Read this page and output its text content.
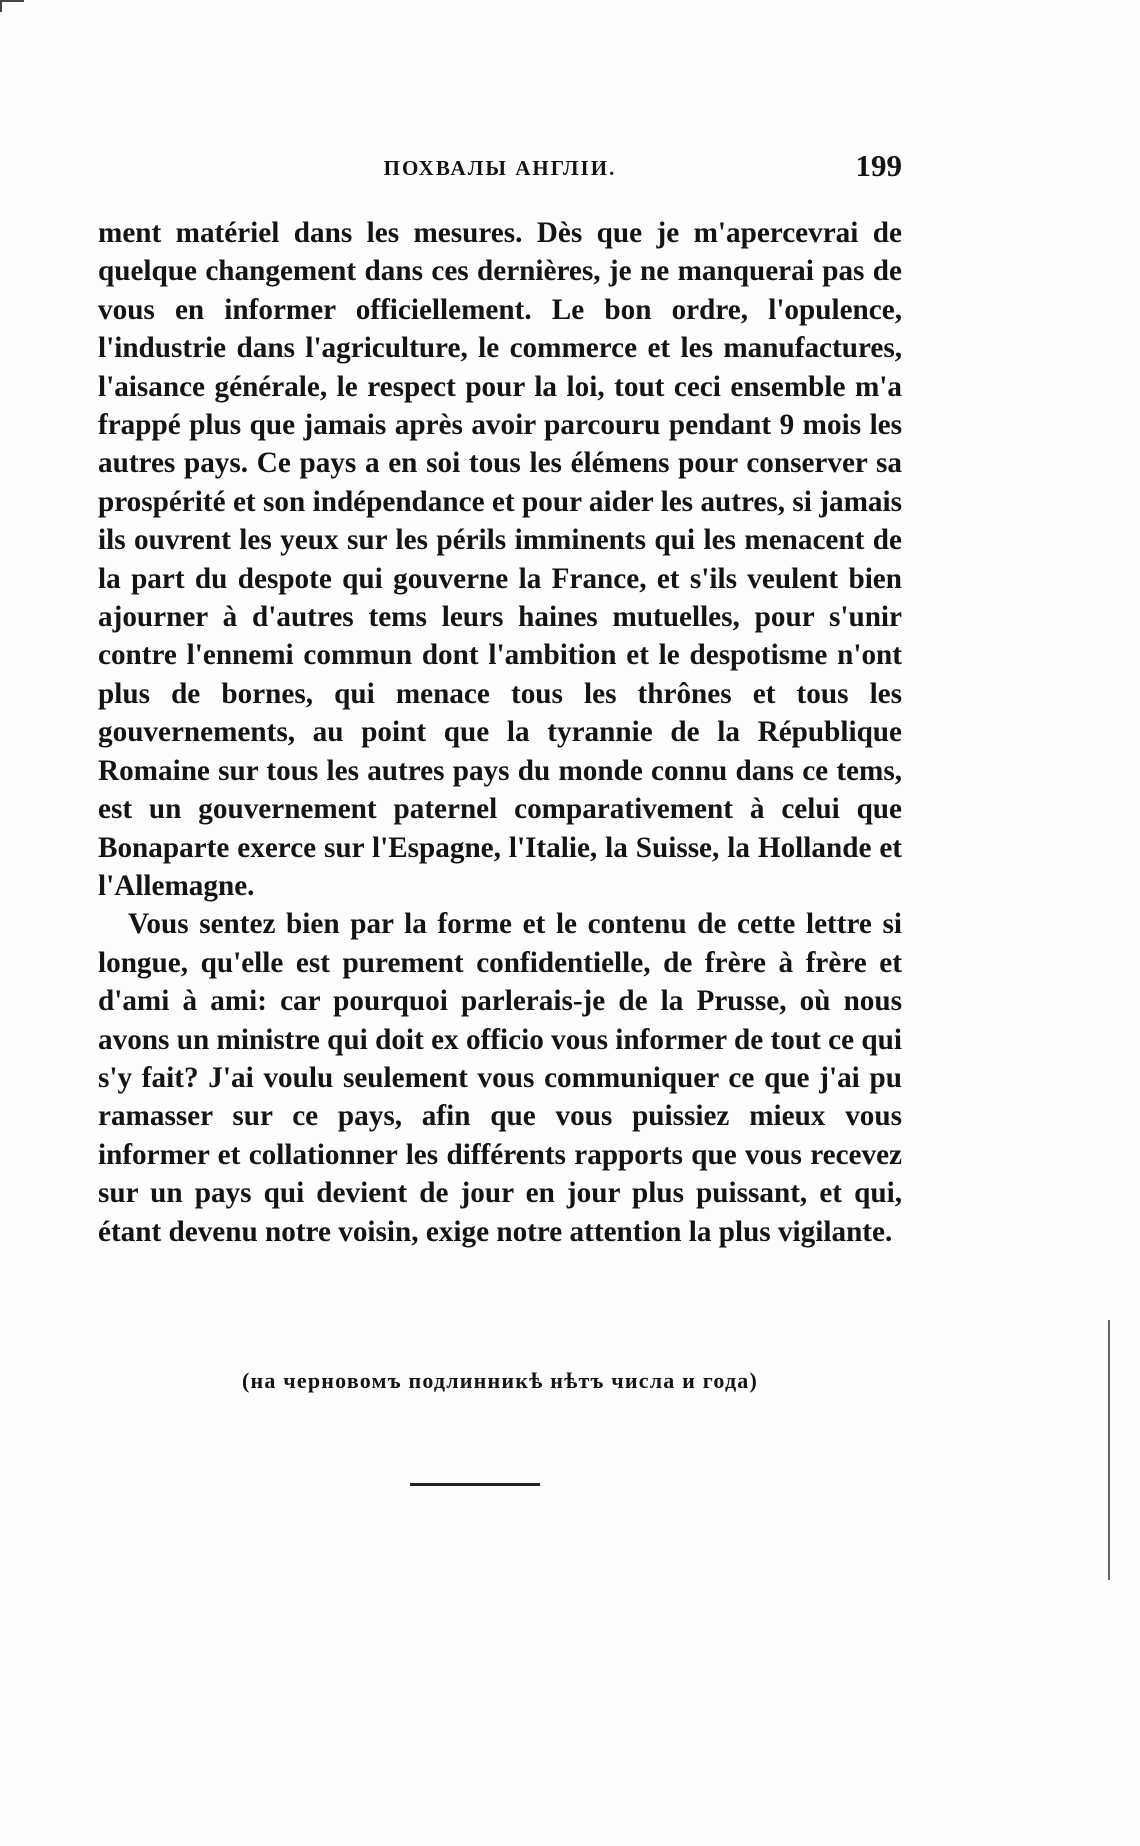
ПОХВАЛЫ АНГЛІИ.	199

ment matériel dans les mesures. Dès que je m'apercevrai de quelque changement dans ces dernières, je ne manquerai pas de vous en informer officiellement. Le bon ordre, l'opulence, l'industrie dans l'agriculture, le commerce et les manufactures, l'aisance générale, le respect pour la loi, tout ceci ensemble m'a frappé plus que jamais après avoir parcouru pendant 9 mois les autres pays. Ce pays a en soi tous les élémens pour conserver sa prospérité et son indépendance et pour aider les autres, si jamais ils ouvrent les yeux sur les périls imminents qui les menacent de la part du despote qui gouverne la France, et s'ils veulent bien ajourner à d'autres tems leurs haines mutuelles, pour s'unir contre l'ennemi commun dont l'ambition et le despotisme n'ont plus de bornes, qui menace tous les thrônes et tous les gouvernements, au point que la tyrannie de la République Romaine sur tous les autres pays du monde connu dans ce tems, est un gouvernement paternel comparativement à celui que Bonaparte exerce sur l'Espagne, l'Italie, la Suisse, la Hollande et l'Allemagne.

Vous sentez bien par la forme et le contenu de cette lettre si longue, qu'elle est purement confidentielle, de frère à frère et d'ami à ami: car pourquoi parlerais-je de la Prusse, où nous avons un ministre qui doit ex officio vous informer de tout ce qui s'y fait? J'ai voulu seulement vous communiquer ce que j'ai pu ramasser sur ce pays, afin que vous puissiez mieux vous informer et collationner les différents rapports que vous recevez sur un pays qui devient de jour en jour plus puissant, et qui, étant devenu notre voisin, exige notre attention la plus vigilante.

(на черновомъ подлинникѣ нѣтъ числа и года)
